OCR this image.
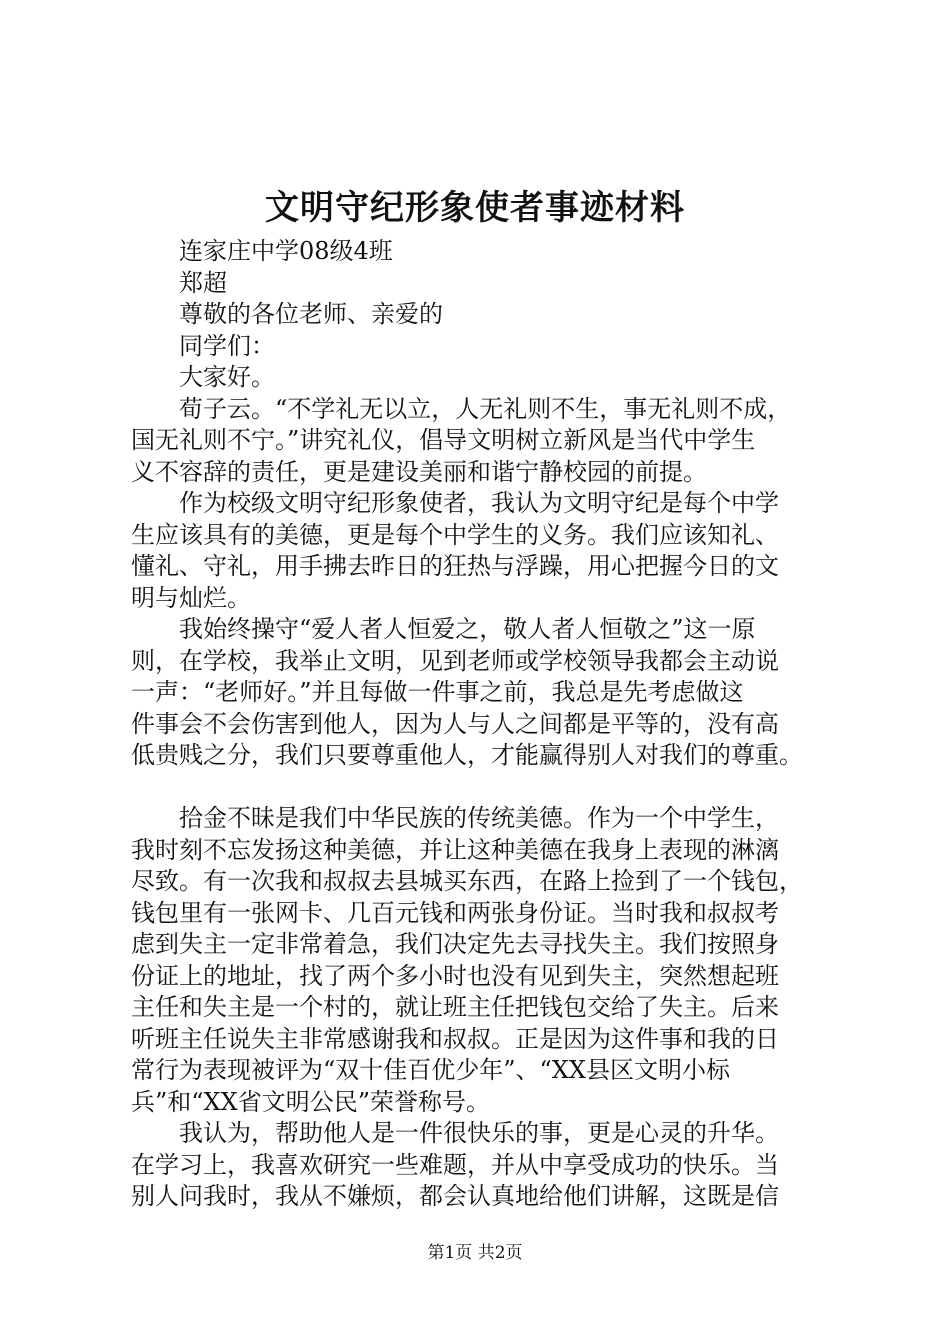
文明守纪形象使者事迹材料

连家庄中学08级4班

郑超

尊敬的各位老师、亲爱的

同学们：

大家好。

荀子云。“不学礼无以立，人无礼则不生，事无礼则不成，

国无礼则不宁。”讲究礼仪，倡导文明树立新风是当代中学生

义不容辞的责任，更是建设美丽和谐宁静校园的前提。

作为校级文明守纪形象使者，我认为文明守纪是每个中学

生应该具有的美德，更是每个中学生的义务。我们应该知礼、

懂礼、守礼，用手拂去昨日的狂热与浮躁，用心把握今日的文

明与灿烂。

我始终操守“爱人者人恒爱之，敬人者人恒敬之”这一原

则，在学校，我举止文明，见到老师或学校领导我都会主动说

一声：“老师好。”并且每做一件事之前，我总是先考虑做这

件事会不会伤害到他人，因为人与人之间都是平等的，没有高

低贵贱之分，我们只要尊重他人，才能赢得别人对我们的尊重。

拾金不昧是我们中华民族的传统美德。作为一个中学生，

我时刻不忘发扬这种美德，并让这种美德在我身上表现的淋漓

尽致。有一次我和叔叔去县城买东西，在路上捡到了一个钱包，

钱包里有一张网卡、几百元钱和两张身份证。当时我和叔叔考

虑到失主一定非常着急，我们决定先去寻找失主。我们按照身

份证上的地址，找了两个多小时也没有见到失主，突然想起班

主任和失主是一个村的，就让班主任把钱包交给了失主。后来

听班主任说失主非常感谢我和叔叔。正是因为这件事和我的日

常行为表现被评为“双十佳百优少年”、“XX县区文明小标

兵”和“XX省文明公民”荣誉称号。

我认为，帮助他人是一件很快乐的事，更是心灵的升华。

在学习上，我喜欢研究一些难题，并从中享受成功的快乐。当

别人问我时，我从不嫌烦，都会认真地给他们讲解，这既是信

第1页 共2页
